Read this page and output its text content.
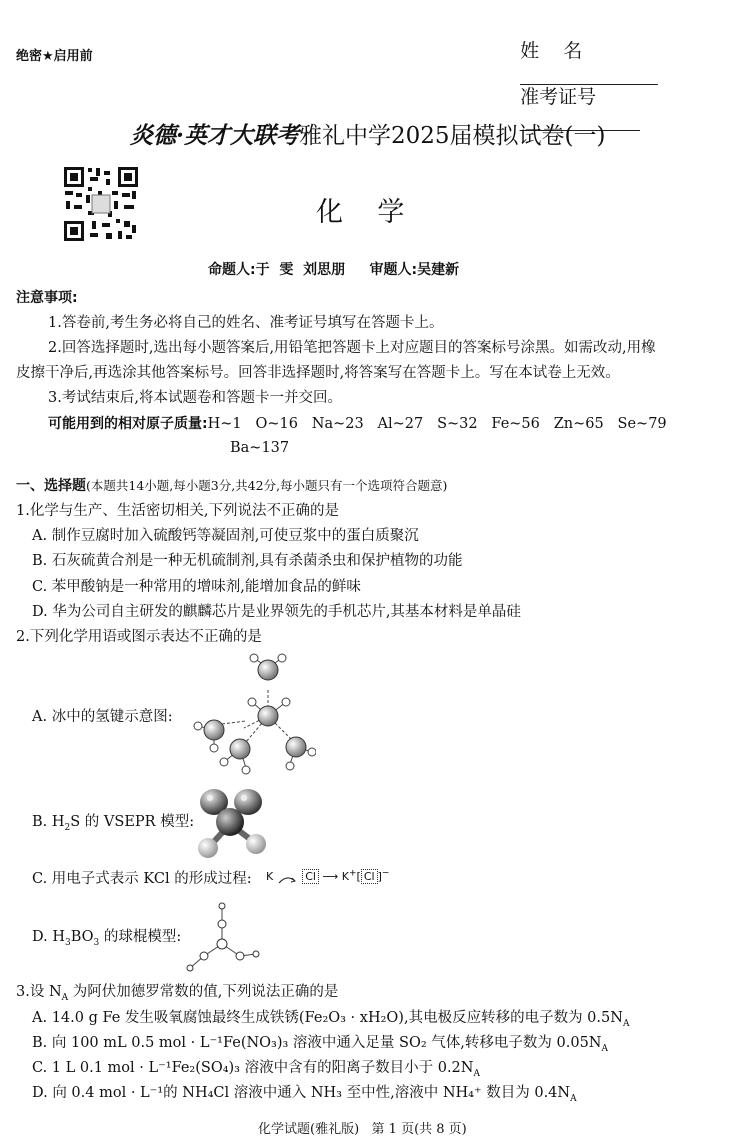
绝密★启用前	姓    名

准考证号

炎德·英才大联考雅礼中学2025届模拟试卷(一)
化    学
命题人:于  雯  刘思朋     审题人:吴建新
注意事项:
1.答卷前,考生务必将自己的姓名、准考证号填写在答题卡上。
2.回答选择题时,选出每小题答案后,用铅笔把答题卡上对应题目的答案标号涂黑。如需改动,用橡
皮擦干净后,再选涂其他答案标号。回答非选择题时,将答案写在答题卡上。写在本试卷上无效。
3.考试结束后,将本试题卷和答题卡一并交回。
可能用到的相对原子质量:H~1   O~16   Na~23   Al~27   S~32   Fe~56   Zn~65   Se~79
Ba~137
一、选择题(本题共14小题,每小题3分,共42分,每小题只有一个选项符合题意)
1.化学与生产、生活密切相关,下列说法不正确的是
A. 制作豆腐时加入硫酸钙等凝固剂,可使豆浆中的蛋白质聚沉
B. 石灰硫黄合剂是一种无机硫制剂,具有杀菌杀虫和保护植物的功能
C. 苯甲酸钠是一种常用的增味剂,能增加食品的鲜味
D. 华为公司自主研发的麒麟芯片是业界领先的手机芯片,其基本材料是单晶硅
2.下列化学用语或图示表达不正确的是
A. 冰中的氢键示意图:
B. $H_2S$ 的 VSEPR 模型:
C. 用电子式表示 KCl 的形成过程: K	Cl ⟶ K+[ Cl ]−
D. $H_3BO_3$ 的球棍模型:
3.设 $N_A$ 为阿伏加德罗常数的值,下列说法正确的是
A. 14.0 g Fe 发生吸氧腐蚀最终生成铁锈(Fe₂O₃ · xH₂O),其电极反应转移的电子数为 $0.5N_A$
B. 向 100 mL 0.5 mol · L⁻¹Fe(NO₃)₃ 溶液中通入足量 SO₂ 气体,转移电子数为 $0.05N_A$
C. 1 L 0.1 mol · L⁻¹Fe₂(SO₄)₃ 溶液中含有的阳离子数目小于 $0.2N_A$
D. 向 0.4 mol · L⁻¹的 NH₄Cl 溶液中通入 NH₃ 至中性,溶液中 NH₄⁺ 数目为 $0.4N_A$
化学试题(雅礼版)   第 1 页(共 8 页)
